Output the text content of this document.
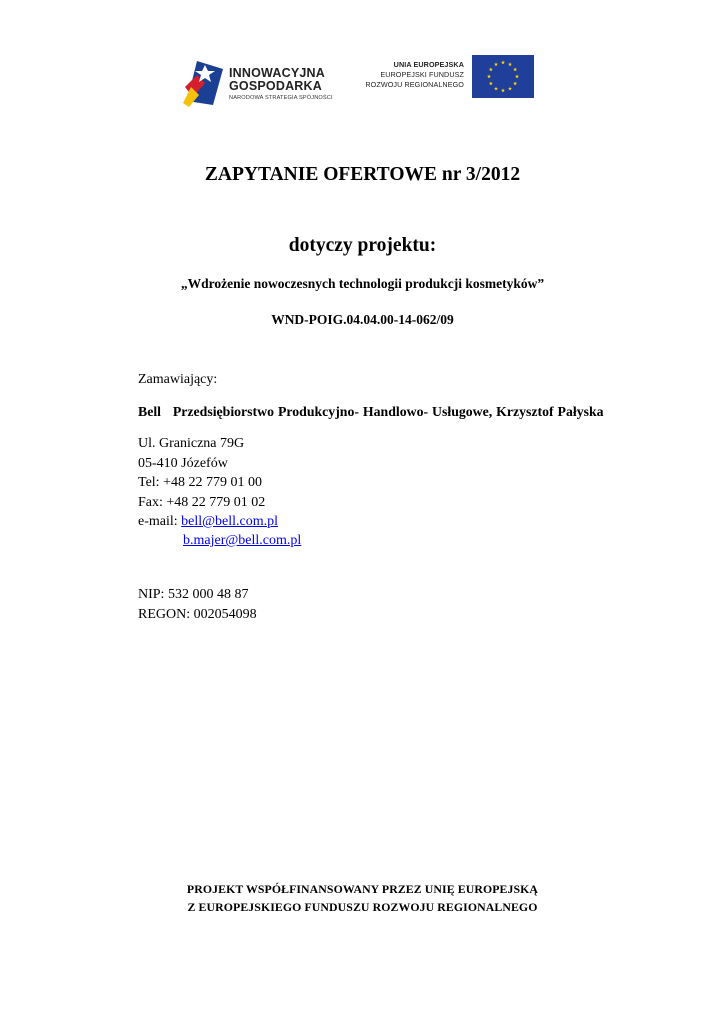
INNOWACYJNA
GOSPODARKA
NARODOWA STRATEGIA SPÓJNOŚCI
UNIA EUROPEJSKA
EUROPEJSKI FUNDUSZ
ROZWOJU REGIONALNEGO
ZAPYTANIE OFERTOWE nr 3/2012
dotyczy projektu:
„Wdrożenie nowoczesnych technologii produkcji kosmetyków”
WND-POIG.04.04.00-14-062/09
Zamawiający:
Bell Przedsiębiorstwo Produkcyjno- Handlowo- Usługowe, Krzysztof Pałyska
Ul. Graniczna 79G
05-410 Józefów
Tel: +48 22 779 01 00
Fax: +48 22 779 01 02
e-mail: bell@bell.com.pl
b.majer@bell.com.pl
NIP: 532 000 48 87
REGON: 002054098
PROJEKT WSPÓŁFINANSOWANY PRZEZ UNIĘ EUROPEJSKĄ
Z EUROPEJSKIEGO FUNDUSZU ROZWOJU REGIONALNEGO
